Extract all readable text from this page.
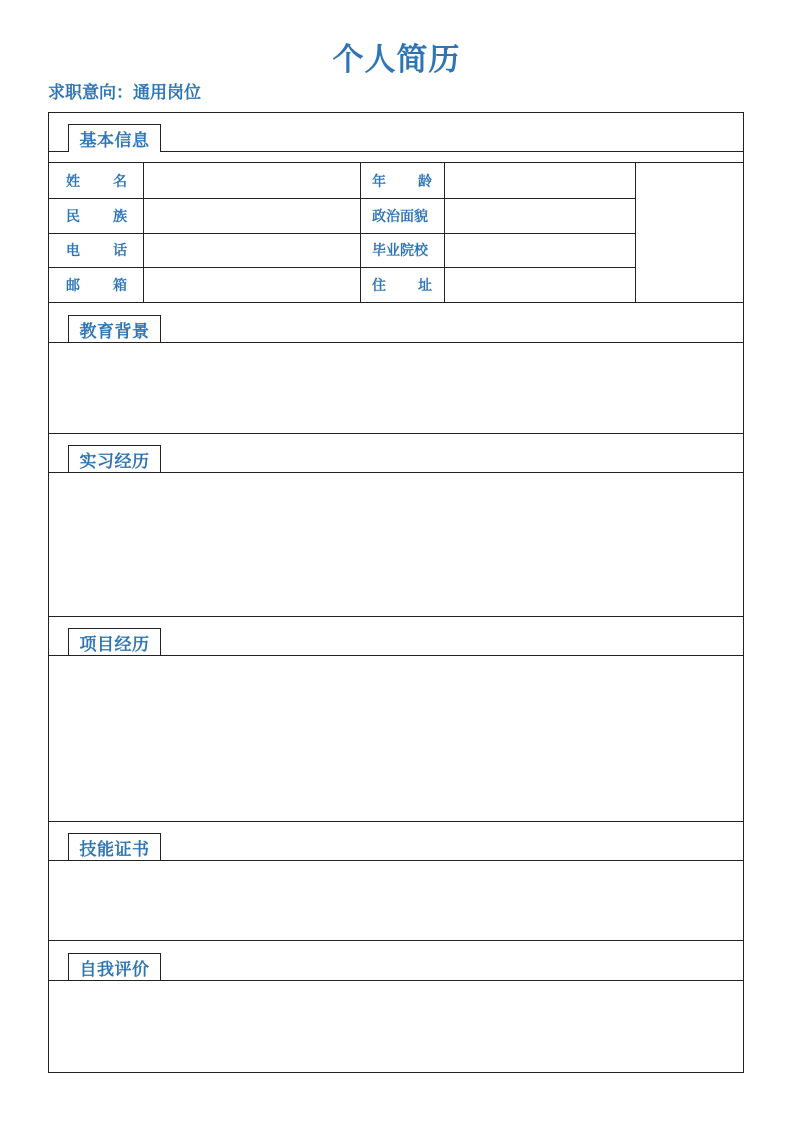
个人简历
求职意向：通用岗位
基本信息
姓 名
民 族
电 话
邮 箱
年 龄
政治面貌
毕业院校
住 址
教育背景
实习经历
项目经历
技能证书
自我评价
